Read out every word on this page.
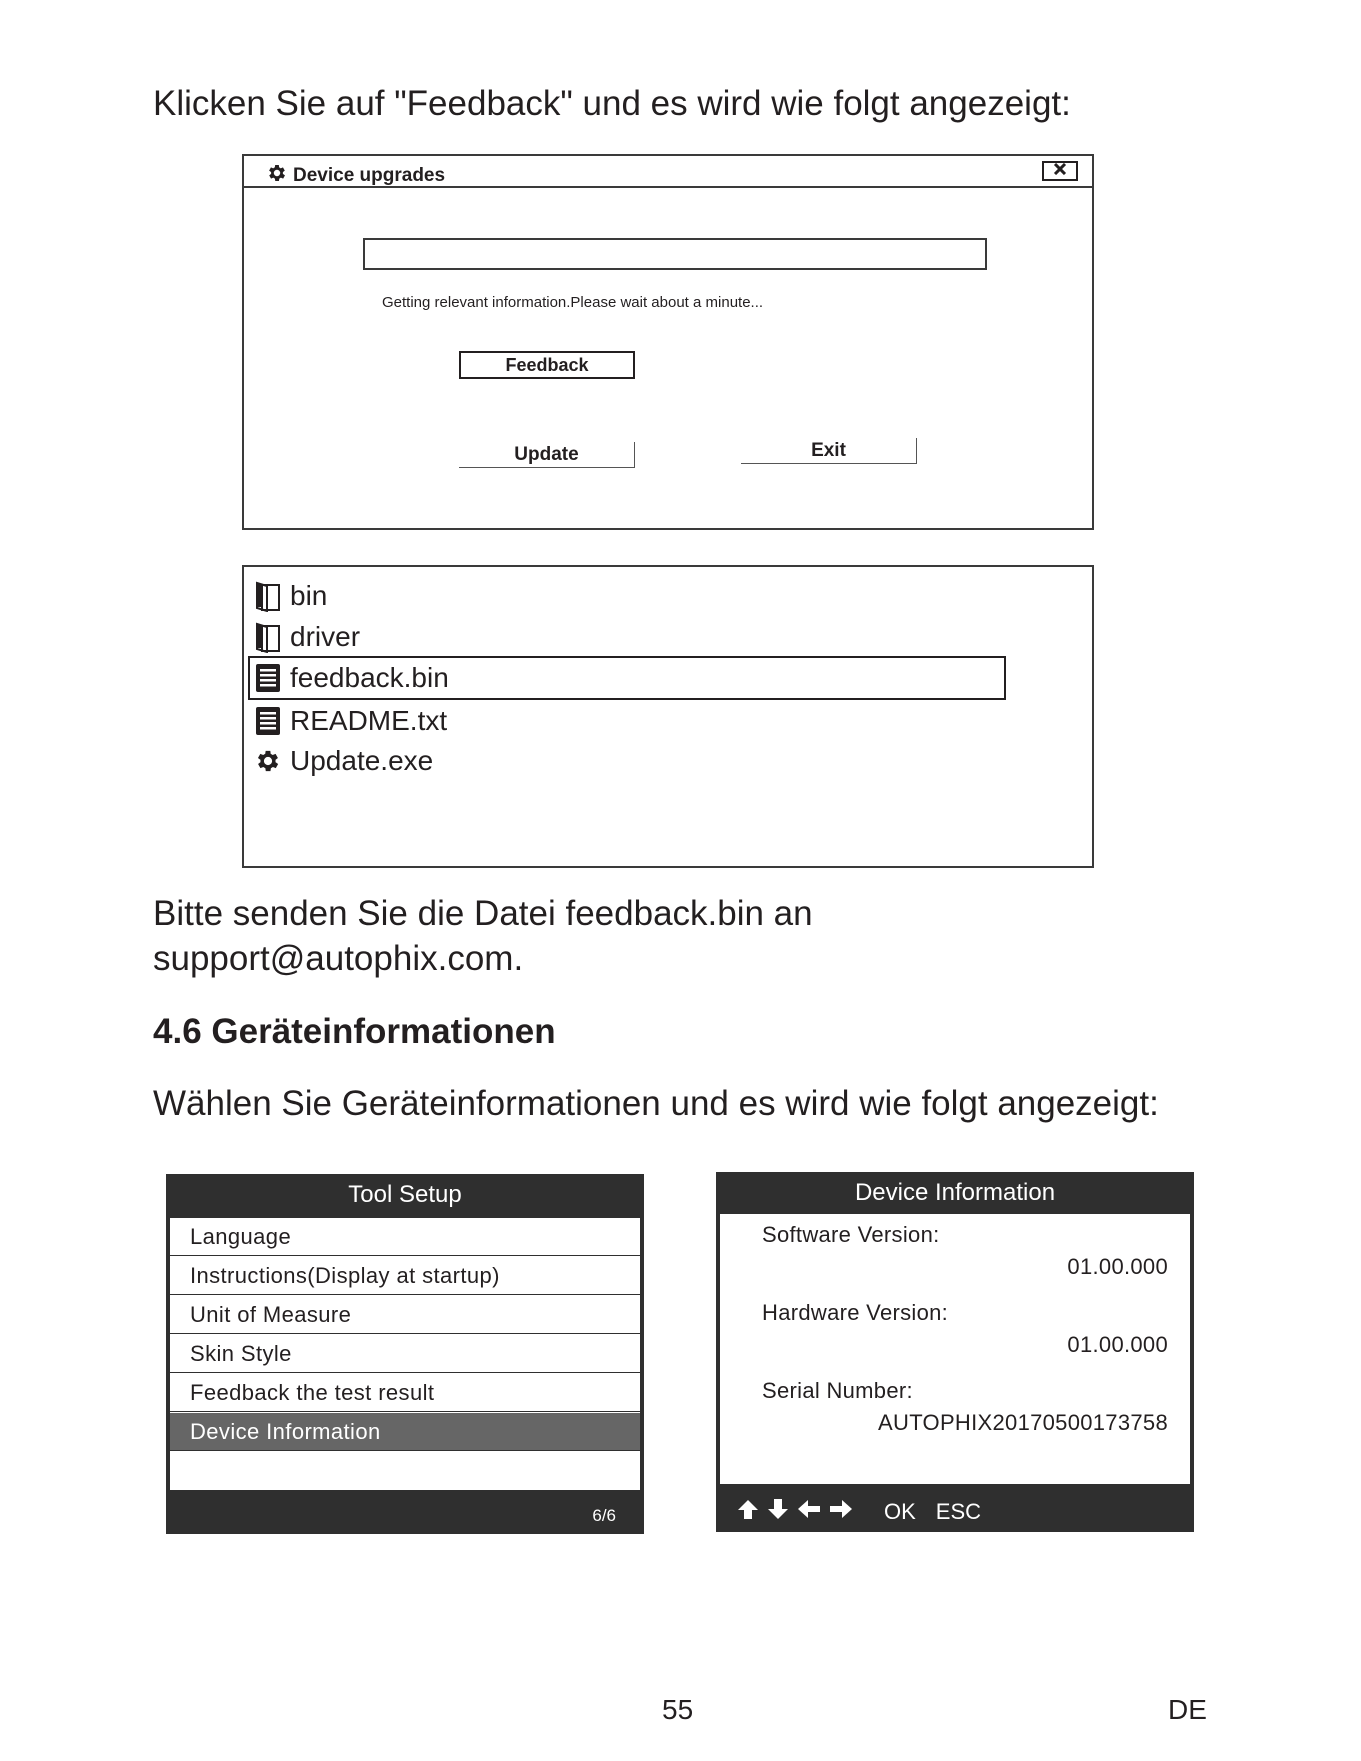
Klicken Sie auf "Feedback" und es wird wie folgt angezeigt:
Device upgrades
Getting relevant information.Please wait about a minute...
Feedback
Update	Exit
bin
driver
feedback.bin
README.txt
Update.exe
Bitte senden Sie die Datei feedback.bin an
support@autophix.com.
4.6 Geräteinformationen
Wählen Sie Geräteinformationen und es wird wie folgt angezeigt:
Tool Setup
Language
Instructions(Display at startup)
Unit of Measure
Skin Style
Feedback the test result
Device Information
6/6
Device Information
Software Version:
01.00.000
Hardware Version:
01.00.000
Serial Number:
AUTOPHIX20170500173758
OK ESC
55	DE
